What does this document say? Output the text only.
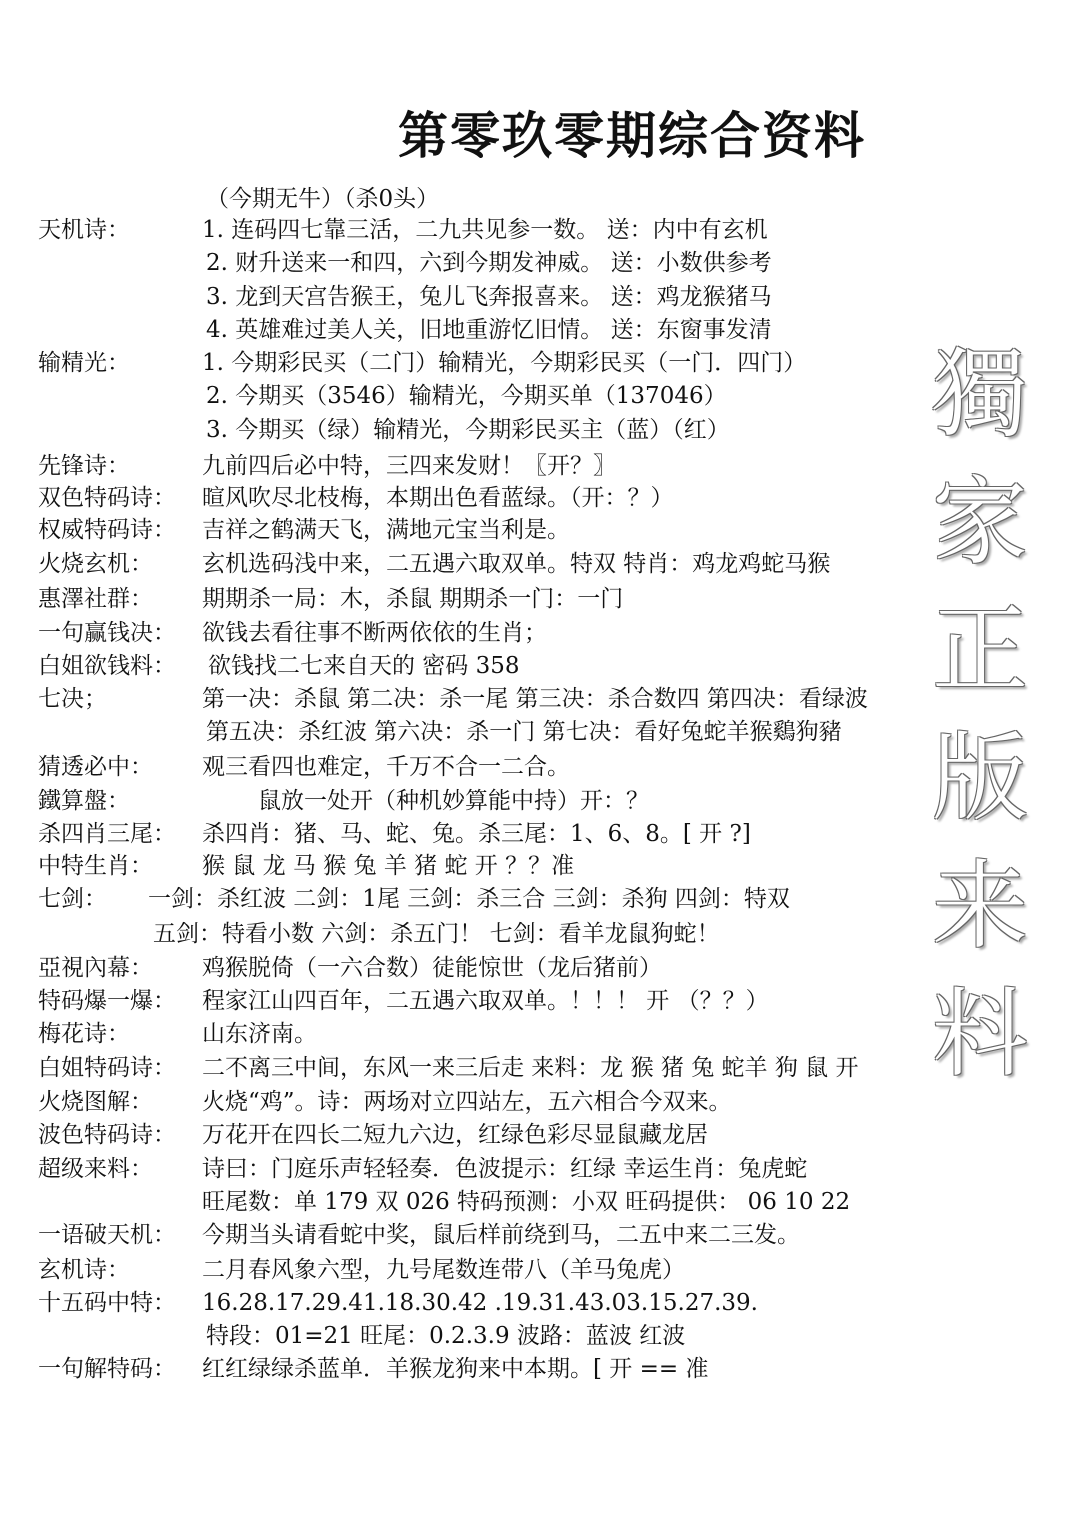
第零玖零期综合资料
（今期无牛）（杀0头）
天机诗：
输精光：
先锋诗：
双色特码诗：
权威特码诗：
火烧玄机：
惠澤社群：
一句赢钱决：
白姐欲钱料：
七决；
猜透必中：
鐵算盤：
杀四肖三尾：
中特生肖：
七剑：
亞視內幕：
特码爆一爆：
梅花诗：
白姐特码诗：
火烧图解：
波色特码诗：
超级来料：
一语破天机：
玄机诗：
十五码中特：
一句解特码：
1. 连码四七靠三活，二九共见参一数。 送：内中有玄机
2. 财升送来一和四，六到今期发神威。 送：小数供参考
3. 龙到天宫告猴王，兔儿飞奔报喜来。 送：鸡龙猴猪马
4. 英雄难过美人关，旧地重游忆旧情。 送：东窗事发清
1. 今期彩民买（二门）输精光，今期彩民买（一门．四门）
2. 今期买（3546）输精光，今期买单（137046）
3. 今期买（绿）输精光，今期彩民买主（蓝）（红）
九前四后必中特，三四来发财！〖开？〗
暄风吹尽北枝梅，本期出色看蓝绿。（开：？）
吉祥之鹤满天飞，满地元宝当利是。
玄机选码浅中来，二五遇六取双单。特双 特肖：鸡龙鸡蛇马猴
期期杀一局：木，杀鼠 期期杀一门：一门
欲钱去看往事不断两依依的生肖；
欲钱找二七来自天的 密码 358
第一决：杀鼠 第二决：杀一尾 第三决：杀合数四 第四决：看绿波
第五决：杀红波 第六决：杀一门 第七决：看好兔蛇羊猴鷄狗豬
观三看四也难定，千万不合一二合。
鼠放一处开（种机妙算能中持）开：？
杀四肖：猪、马、蛇、兔。杀三尾：1、6、8。[ 开 ?]
猴 鼠 龙 马 猴 兔 羊 猪 蛇 开 ？？准
一剑：杀红波 二剑：1尾 三剑：杀三合 三剑：杀狗 四剑：特双
五剑：特看小数 六剑：杀五门！ 七剑：看羊龙鼠狗蛇！
鸡猴脱倚（一六合数）徒能惊世（龙后猪前）
程家江山四百年，二五遇六取双单。！！！ 开 （？？）
山东济南。
二不离三中间，东风一来三后走 来料：龙 猴 猪 兔 蛇羊 狗 鼠 开
火烧“鸡”。诗：两场对立四站左，五六相合今双来。
万花开在四长二短九六边，红绿色彩尽显鼠藏龙居
诗曰：门庭乐声轻轻奏．色波提示：红绿 幸运生肖：兔虎蛇
旺尾数：单 179 双 026 特码预测：小双 旺码提供： 06 10 22
今期当头请看蛇中奖，鼠后样前绕到马，二五中来二三发。
二月春风象六型，九号尾数连带八（羊马兔虎）
16.28.17.29.41.18.30.42 .19.31.43.03.15.27.39.
特段：01=21 旺尾：0.2.3.9 波路：蓝波 红波
红红绿绿杀蓝单．羊猴龙狗来中本期。[ 开 == 准
獨
家
正
版
来
料
